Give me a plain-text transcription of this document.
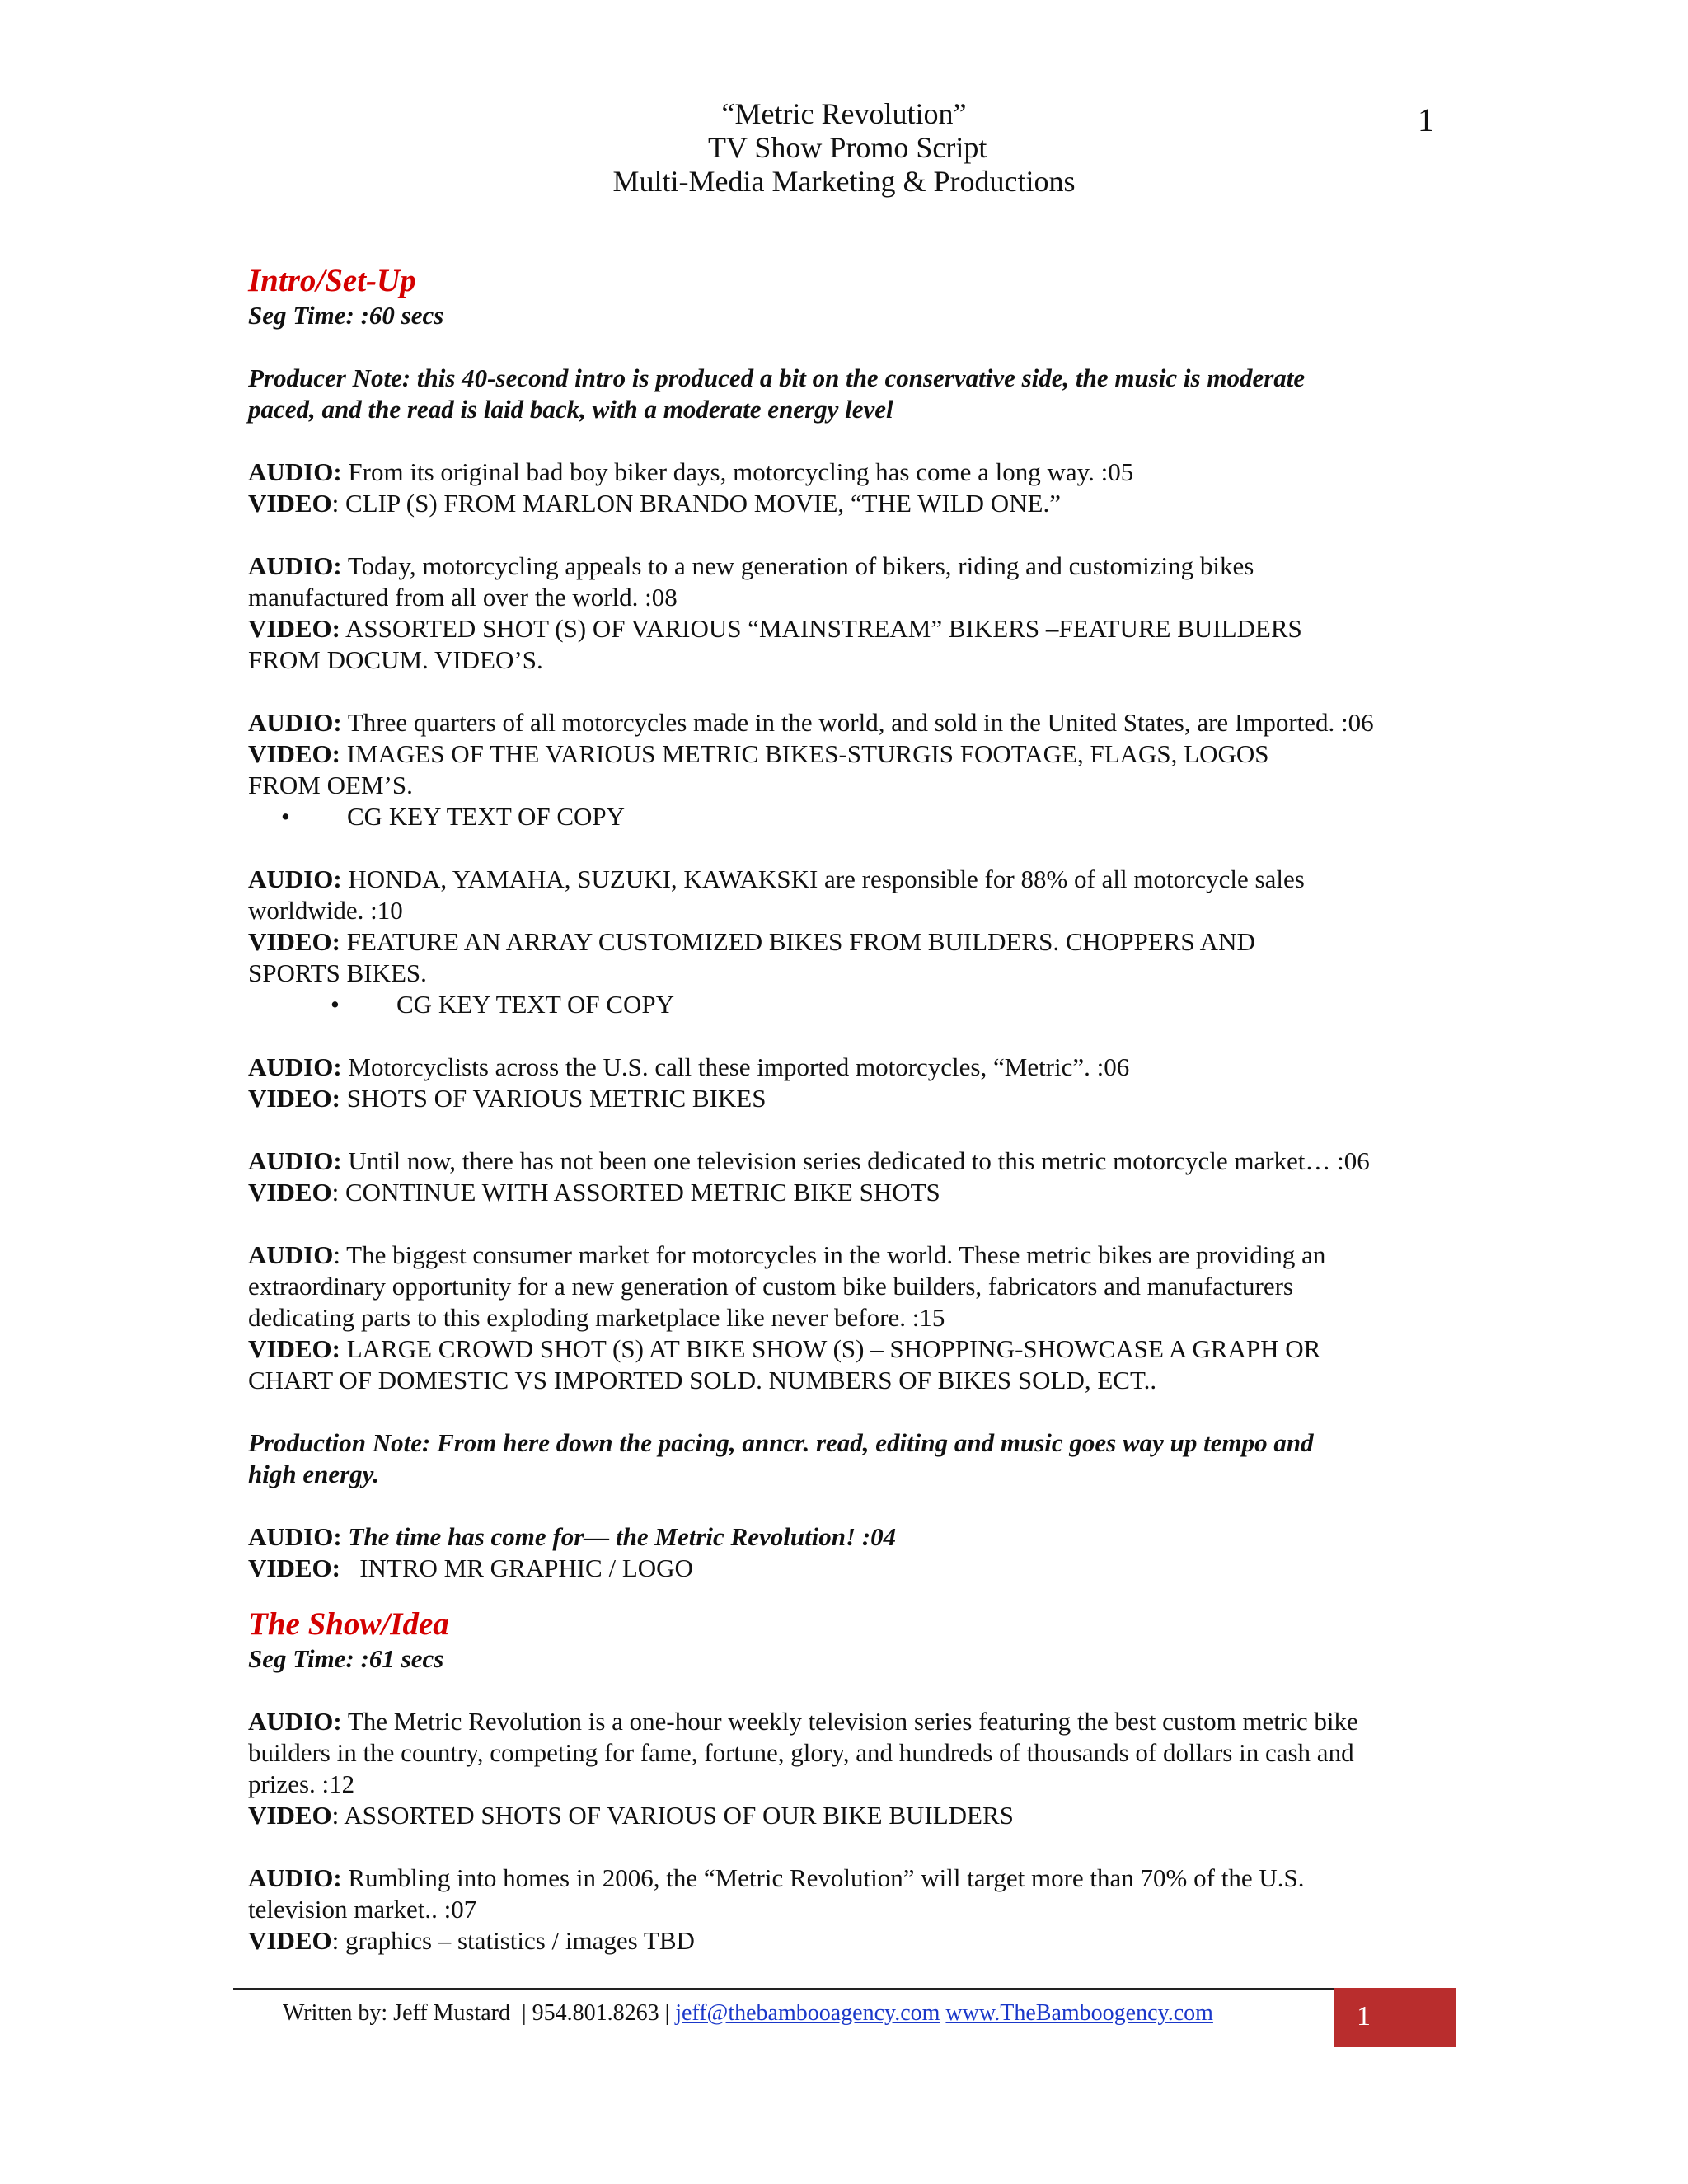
1
“Metric Revolution”
TV Show Promo Script
Multi-Media Marketing & Productions

Intro/Set-Up

Seg Time: :60 secs

Producer Note: this 40-second intro is produced a bit on the conservative side, the music is moderate
paced, and the read is laid back, with a moderate energy level
AUDIO: From its original bad boy biker days, motorcycling has come a long way. :05
VIDEO: CLIP (S) FROM MARLON BRANDO MOVIE, “THE WILD ONE.”
AUDIO: Today, motorcycling appeals to a new generation of bikers, riding and customizing bikes
manufactured from all over the world. :08
VIDEO: ASSORTED SHOT (S) OF VARIOUS “MAINSTREAM” BIKERS –FEATURE BUILDERS
FROM DOCUM. VIDEO’S.
AUDIO: Three quarters of all motorcycles made in the world, and sold in the United States, are Imported. :06
VIDEO: IMAGES OF THE VARIOUS METRIC BIKES-STURGIS FOOTAGE, FLAGS, LOGOS
FROM OEM’S.
• CG KEY TEXT OF COPY
AUDIO: HONDA, YAMAHA, SUZUKI, KAWAKSKI are responsible for 88% of all motorcycle sales
worldwide. :10
VIDEO: FEATURE AN ARRAY CUSTOMIZED BIKES FROM BUILDERS. CHOPPERS AND
SPORTS BIKES.
• CG KEY TEXT OF COPY
AUDIO: Motorcyclists across the U.S. call these imported motorcycles, “Metric”. :06
VIDEO: SHOTS OF VARIOUS METRIC BIKES
AUDIO: Until now, there has not been one television series dedicated to this metric motorcycle market… :06
VIDEO: CONTINUE WITH ASSORTED METRIC BIKE SHOTS
AUDIO: The biggest consumer market for motorcycles in the world. These metric bikes are providing an
extraordinary opportunity for a new generation of custom bike builders, fabricators and manufacturers
dedicating parts to this exploding marketplace like never before. :15
VIDEO: LARGE CROWD SHOT (S) AT BIKE SHOW (S) – SHOPPING-SHOWCASE A GRAPH OR
CHART OF DOMESTIC VS IMPORTED SOLD. NUMBERS OF BIKES SOLD, ECT..
Production Note: From here down the pacing, anncr. read, editing and music goes way up tempo and
high energy.
AUDIO: The time has come for— the Metric Revolution! :04
VIDEO:   INTRO MR GRAPHIC / LOGO

The Show/Idea

Seg Time: :61 secs

AUDIO: The Metric Revolution is a one-hour weekly television series featuring the best custom metric bike
builders in the country, competing for fame, fortune, glory, and hundreds of thousands of dollars in cash and
prizes. :12
VIDEO: ASSORTED SHOTS OF VARIOUS OF OUR BIKE BUILDERS
AUDIO: Rumbling into homes in 2006, the “Metric Revolution” will target more than 70% of the U.S.
television market.. :07
VIDEO: graphics – statistics / images TBD
Written by: Jeff Mustard  | 954.801.8263 | jeff@thebambooagency.com www.TheBamboogency.com	1
